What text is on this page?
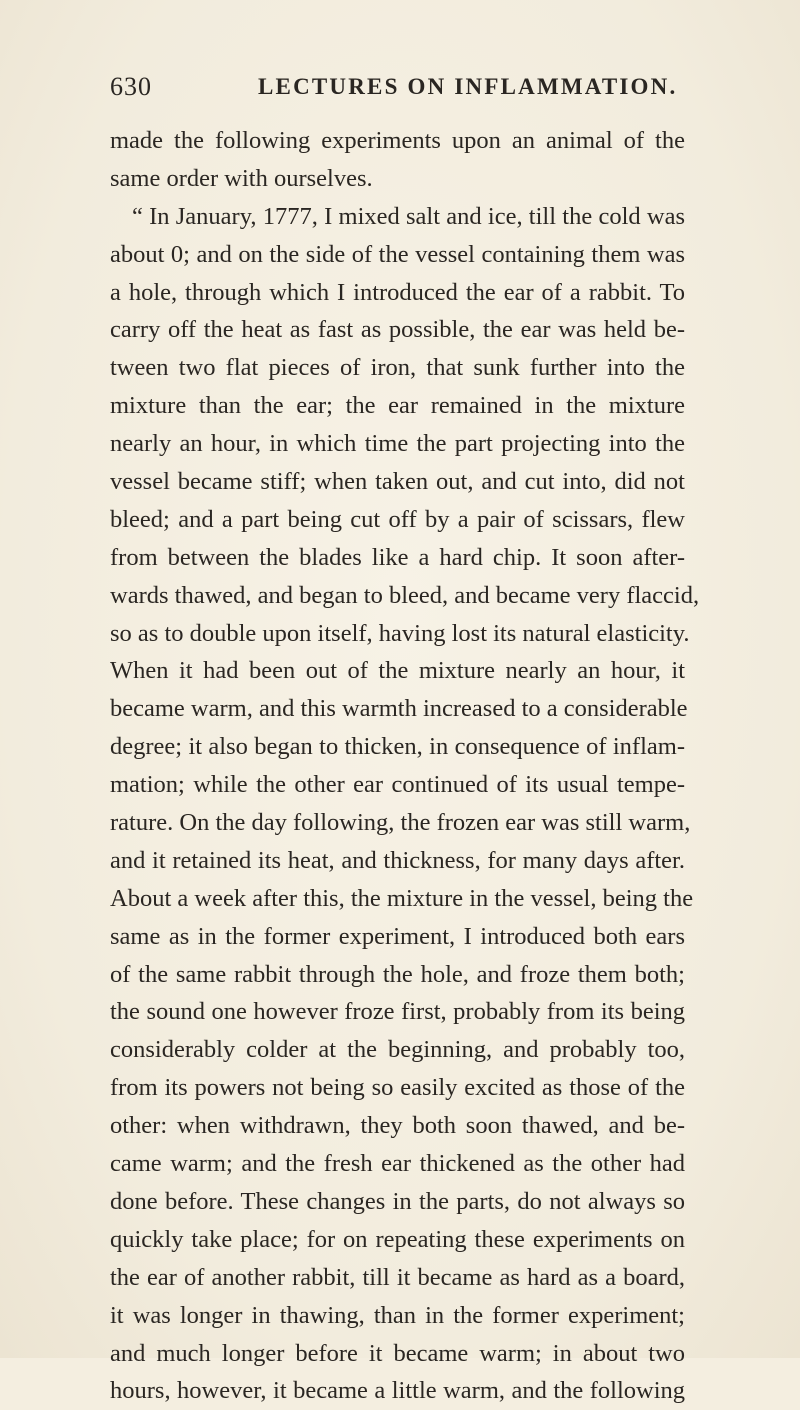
630	LECTURES ON INFLAMMATION.
made the following experiments upon an animal of the
same order with ourselves.
“ In January, 1777, I mixed salt and ice, till the cold was
about 0; and on the side of the vessel containing them was
a hole, through which I introduced the ear of a rabbit. To
carry off the heat as fast as possible, the ear was held be-
tween two flat pieces of iron, that sunk further into the
mixture than the ear; the ear remained in the mixture
nearly an hour, in which time the part projecting into the
vessel became stiff; when taken out, and cut into, did not
bleed; and a part being cut off by a pair of scissars, flew
from between the blades like a hard chip. It soon after-
wards thawed, and began to bleed, and became very flaccid,
so as to double upon itself, having lost its natural elasticity.
When it had been out of the mixture nearly an hour, it
became warm, and this warmth increased to a considerable
degree; it also began to thicken, in consequence of inflam-
mation; while the other ear continued of its usual tempe-
rature. On the day following, the frozen ear was still warm,
and it retained its heat, and thickness, for many days after.
About a week after this, the mixture in the vessel, being the
same as in the former experiment, I introduced both ears
of the same rabbit through the hole, and froze them both;
the sound one however froze first, probably from its being
considerably colder at the beginning, and probably too,
from its powers not being so easily excited as those of the
other: when withdrawn, they both soon thawed, and be-
came warm; and the fresh ear thickened as the other had
done before. These changes in the parts, do not always so
quickly take place; for on repeating these experiments on
the ear of another rabbit, till it became as hard as a board,
it was longer in thawing, than in the former experiment;
and much longer before it became warm; in about two
hours, however, it became a little warm, and the following
